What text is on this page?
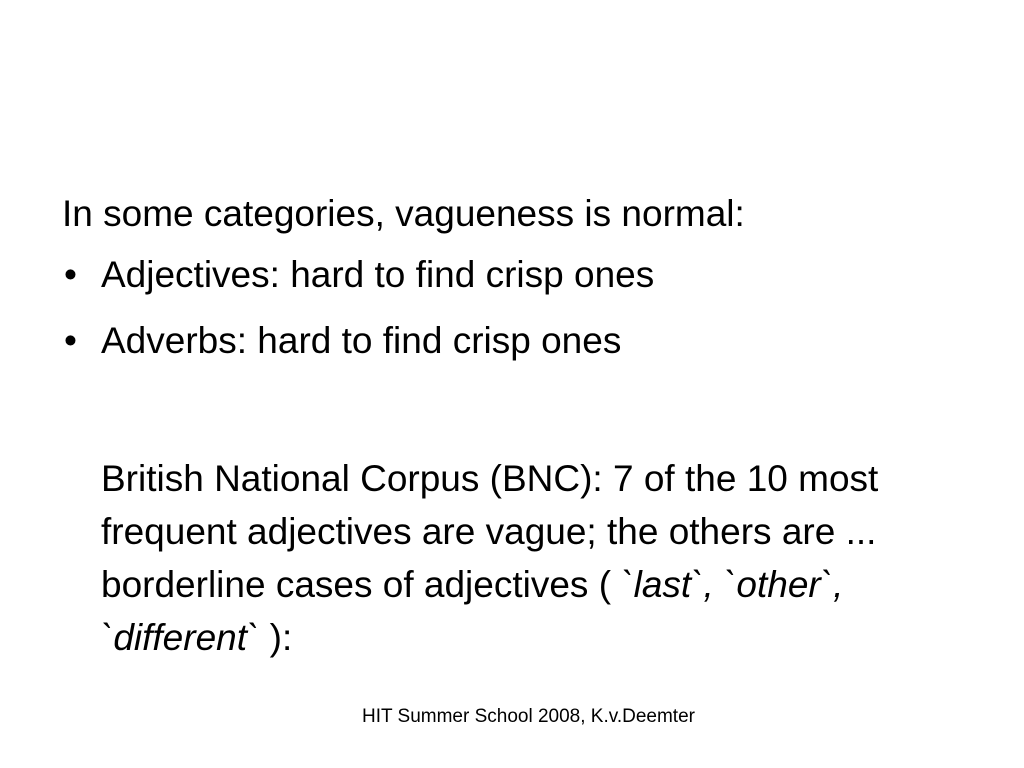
In some categories, vagueness is normal:

• Adjectives: hard to find crisp ones
• Adverbs: hard to find crisp ones

British National Corpus (BNC): 7 of the 10 most frequent adjectives are vague; the others are ... borderline cases of adjectives ( `last`, `other`, `different` ):

HIT Summer School 2008, K.v.Deemter
